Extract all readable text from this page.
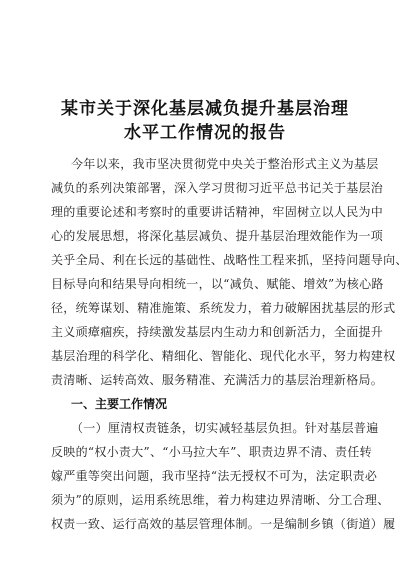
某市关于深化基层减负提升基层治理
水平工作情况的报告
今年以来，我市坚决贯彻党中央关于整治形式主义为基层
减负的系列决策部署，深入学习贯彻习近平总书记关于基层治
理的重要论述和考察时的重要讲话精神，牢固树立以人民为中
心的发展思想，将深化基层减负、提升基层治理效能作为一项
关乎全局、利在长远的基础性、战略性工程来抓，坚持问题导向、
目标导向和结果导向相统一，以“减负、赋能、增效”为核心路
径，统筹谋划、精准施策、系统发力，着力破解困扰基层的形式
主义顽瘴痼疾，持续激发基层内生动力和创新活力，全面提升
基层治理的科学化、精细化、智能化、现代化水平，努力构建权
责清晰、运转高效、服务精准、充满活力的基层治理新格局。
一、主要工作情况
（一）厘清权责链条，切实减轻基层负担。针对基层普遍
反映的“权小责大”、“小马拉大车”、职责边界不清、责任转
嫁严重等突出问题，我市坚持“法无授权不可为，法定职责必
须为”的原则，运用系统思维，着力构建边界清晰、分工合理、
权责一致、运行高效的基层管理体制。一是编制乡镇（街道）履
